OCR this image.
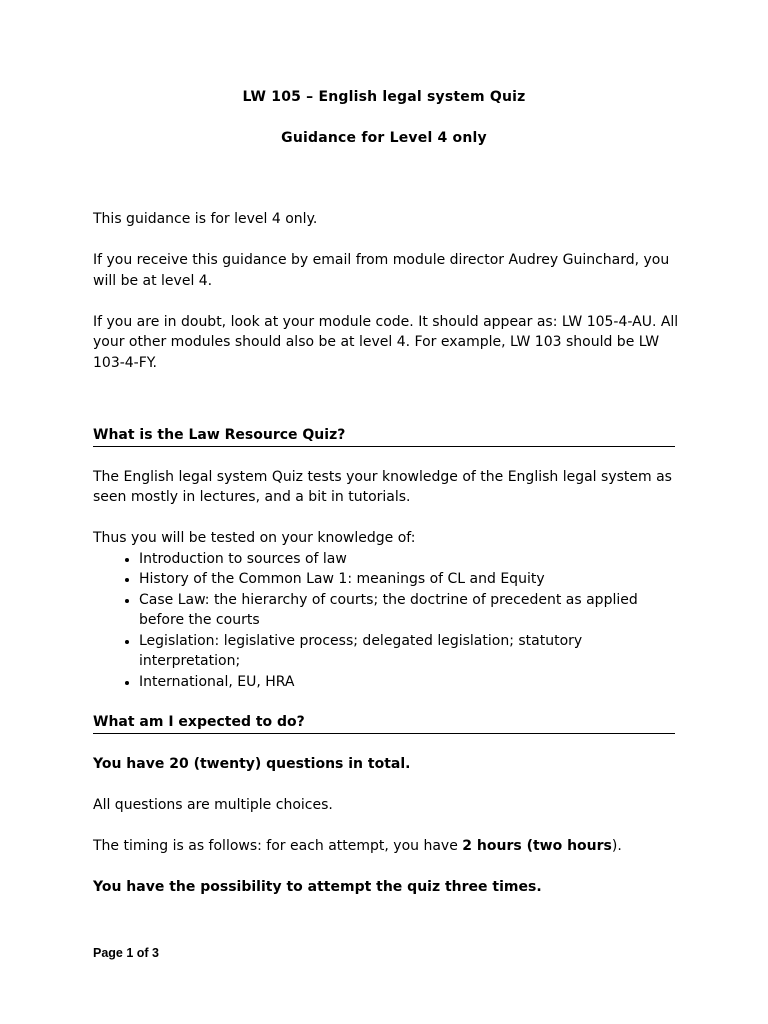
LW 105 – English legal system Quiz
Guidance for Level 4 only

This guidance is for level 4 only.

If you receive this guidance by email from module director Audrey Guinchard, you will be at level 4.

If you are in doubt, look at your module code. It should appear as: LW 105-4-AU. All your other modules should also be at level 4. For example, LW 103 should be LW 103-4-FY.

What is the Law Resource Quiz?

The English legal system Quiz tests your knowledge of the English legal system as seen mostly in lectures, and a bit in tutorials.

Thus you will be tested on your knowledge of:

• Introduction to sources of law
• History of the Common Law 1: meanings of CL and Equity
• Case Law: the hierarchy of courts; the doctrine of precedent as applied before the courts
• Legislation: legislative process; delegated legislation; statutory interpretation;
• International, EU, HRA
What am I expected to do?

You have 20 (twenty) questions in total.

All questions are multiple choices.

The timing is as follows: for each attempt, you have 2 hours (two hours).

You have the possibility to attempt the quiz three times.

Page 1 of 3
